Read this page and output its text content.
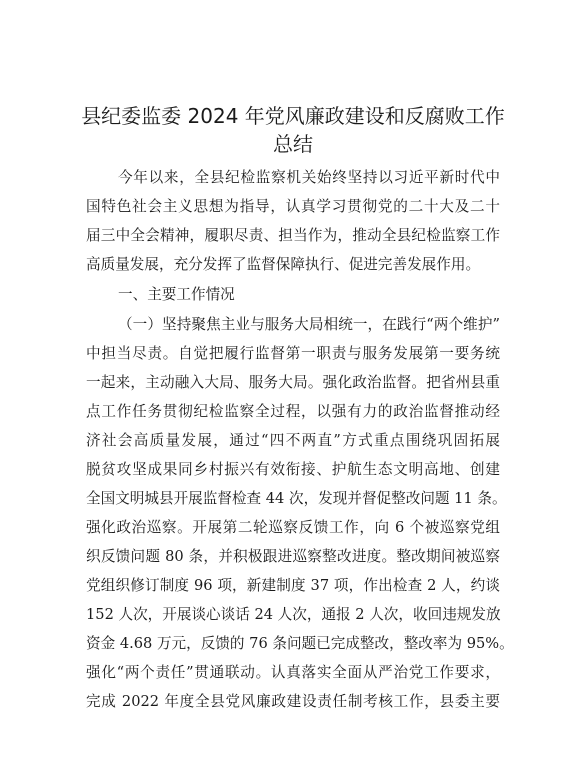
县纪委监委 2024 年党风廉政建设和反腐败工作
总结

今年以来，全县纪检监察机关始终坚持以习近平新时代中

国特色社会主义思想为指导，认真学习贯彻党的二十大及二十

届三中全会精神，履职尽责、担当作为，推动全县纪检监察工作

高质量发展，充分发挥了监督保障执行、促进完善发展作用。

一、主要工作情况

（一）坚持聚焦主业与服务大局相统一，在践行“两个维护”

中担当尽责。自觉把履行监督第一职责与服务发展第一要务统

一起来，主动融入大局、服务大局。强化政治监督。把省州县重

点工作任务贯彻纪检监察全过程，以强有力的政治监督推动经

济社会高质量发展，通过“四不两直”方式重点围绕巩固拓展

脱贫攻坚成果同乡村振兴有效衔接、护航生态文明高地、创建

全国文明城县开展监督检查 44 次，发现并督促整改问题 11 条。

强化政治巡察。开展第二轮巡察反馈工作，向 6 个被巡察党组

织反馈问题 80 条，并积极跟进巡察整改进度。整改期间被巡察

党组织修订制度 96 项，新建制度 37 项，作出检查 2 人，约谈

152 人次，开展谈心谈话 24 人次，通报 2 人次，收回违规发放

资金 4.68 万元，反馈的 76 条问题已完成整改，整改率为 95%。

强化“两个责任”贯通联动。认真落实全面从严治党工作要求，

完成 2022 年度全县党风廉政建设责任制考核工作，县委主要
